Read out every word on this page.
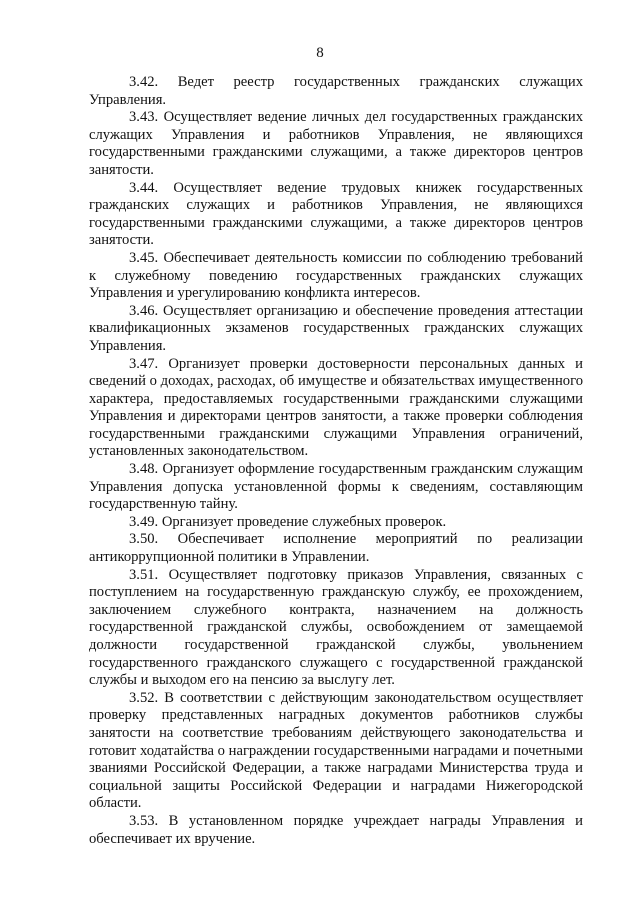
8

3.42. Ведет реестр государственных гражданских служащих Управления.

3.43. Осуществляет ведение личных дел государственных гражданских служащих Управления и работников Управления, не являющихся государственными гражданскими служащими, а также директоров центров занятости.

3.44. Осуществляет ведение трудовых книжек государственных гражданских служащих и работников Управления, не являющихся государственными гражданскими служащими, а также директоров центров занятости.

3.45. Обеспечивает деятельность комиссии по соблюдению требований к служебному поведению государственных гражданских служащих Управления и урегулированию конфликта интересов.

3.46. Осуществляет организацию и обеспечение проведения аттестации квалификационных экзаменов государственных гражданских служащих Управления.

3.47. Организует проверки достоверности персональных данных и сведений о доходах, расходах, об имуществе и обязательствах имущественного характера, предоставляемых государственными гражданскими служащими Управления и директорами центров занятости, а также проверки соблюдения государственными гражданскими служащими Управления ограничений, установленных законодательством.

3.48. Организует оформление государственным гражданским служащим Управления допуска установленной формы к сведениям, составляющим государственную тайну.

3.49. Организует проведение служебных проверок.

3.50. Обеспечивает исполнение мероприятий по реализации антикоррупционной политики в Управлении.

3.51. Осуществляет подготовку приказов Управления, связанных с поступлением на государственную гражданскую службу, ее прохождением, заключением служебного контракта, назначением на должность государственной гражданской службы, освобождением от замещаемой должности государственной гражданской службы, увольнением государственного гражданского служащего с государственной гражданской службы и выходом его на пенсию за выслугу лет.

3.52. В соответствии с действующим законодательством осуществляет проверку представленных наградных документов работников службы занятости на соответствие требованиям действующего законодательства и готовит ходатайства о награждении государственными наградами и почетными званиями Российской Федерации, а также наградами Министерства труда и социальной защиты Российской Федерации и наградами Нижегородской области.

3.53. В установленном порядке учреждает награды Управления и обеспечивает их вручение.
